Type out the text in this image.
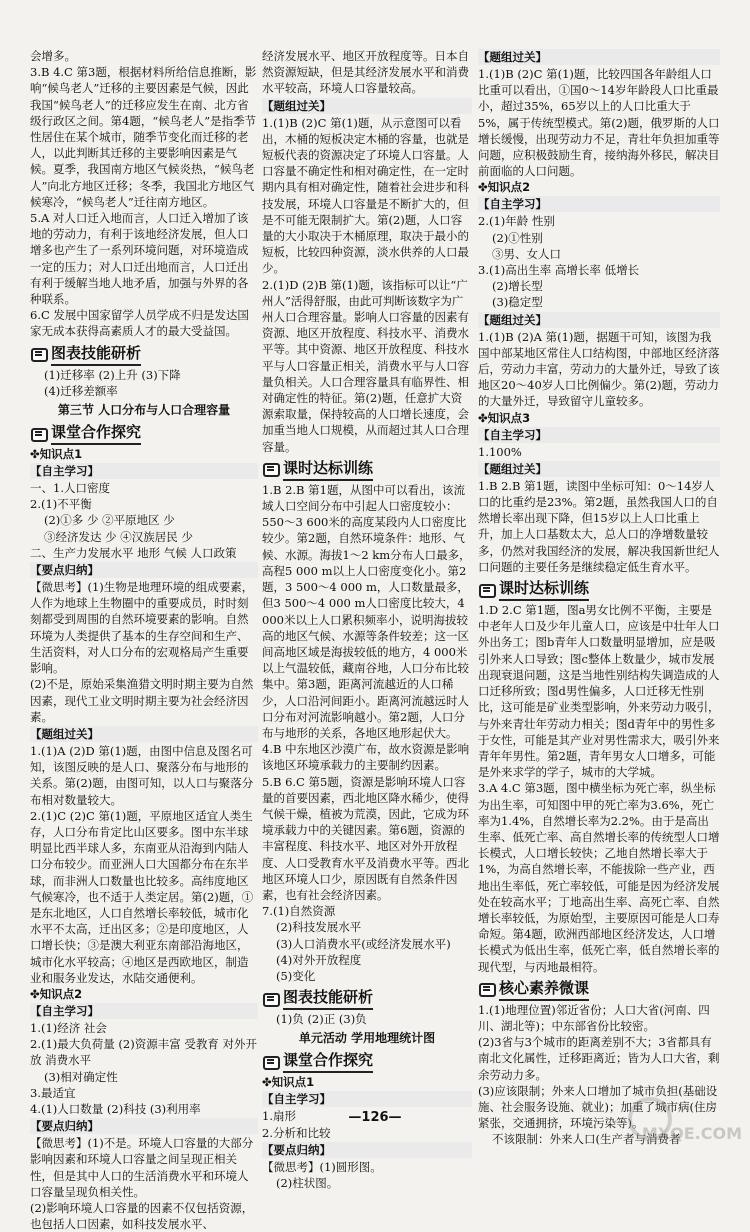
会增多。

3.B 4.C 第3题，根据材料所给信息推断，影响“候鸟老人”迁移的主要因素是气候，因此我国“候鸟老人”的迁移应发生在南、北方省级行政区之间。第4题，“候鸟老人”是指季节性居住在某个城市，随季节变化而迁移的老人，以此判断其迁移的主要影响因素是气候。夏季，我国南方地区气候炎热，“候鸟老人”向北方地区迁移；冬季，我国北方地区气候寒冷，“候鸟老人”迁往南方地区。

5.A 对人口迁入地而言，人口迁入增加了该地的劳动力，有利于该地经济发展，但人口增多也产生了一系列环境问题，对环境造成一定的压力；对人口迁出地而言，人口迁出有利于缓解当地人地矛盾，加强与外界的各种联系。

6.C 发展中国家留学人员学成不归是发达国家无成本获得高素质人才的最大受益国。

图表技能研析

(1)迁移率 (2)上升 (3)下降

(4)迁移差额率

第三节 人口分布与人口合理容量
课堂合作探究

✤知识点1

【自主学习】

一、1.人口密度

2.(1)不平衡

(2)①多 少 ②平原地区 少

③经济发达 少 ④汉族居民 少

二、生产力发展水平 地形 气候 人口政策

【要点归纳】

【微思考】(1)生物是地理环境的组成要素，人作为地球上生物圈中的重要成员，时时刻刻都受到周围的自然环境要素的影响。自然环境为人类提供了基本的生存空间和生产、生活资料，对人口分布的宏观格局产生重要影响。

(2)不是，原始采集渔猎文明时期主要为自然因素，现代工业文明时期主要为社会经济因素。

【题组过关】

1.(1)A (2)D 第(1)题，由图中信息及图名可知，该图反映的是人口、聚落分布与地形的关系。第(2)题，由图可知，以人口与聚落分布相对数量较大。

2.(1)C (2)C 第(1)题，平原地区适宜人类生存，人口分布肯定比山区要多。图中东半球明显比西半球人多，东南亚从沿海到内陆人口分布较少。而亚洲人口大国都分布在东半球，而非洲人口数量也比较多。高纬度地区气候寒冷，也不适于人类定居。第(2)题，①是东北地区，人口自然增长率较低，城市化水平不太高，迁出区多；②是印度地区，人口增长快；③是澳大利亚东南部沿海地区，城市化水平较高；④地区是西欧地区，制造业和服务业发达，水陆交通便利。

✤知识点2

【自主学习】

1.(1)经济 社会

2.(1)最大负荷量 (2)资源丰富 受教育 对外开放 消费水平

(3)相对确定性

3.最适宜

4.(1)人口数量 (2)科技 (3)利用率

【要点归纳】

【微思考】(1)不是。环境人口容量的大部分影响因素和环境人口容量之间呈现正相关性，但是其中人口的生活消费水平和环境人口容量呈现负相关性。

(2)影响环境人口容量的因素不仅包括资源，也包括人口因素，如科技发展水平、

经济发展水平、地区开放程度等。日本自然资源短缺，但是其经济发展水平和消费水平较高，环境人口容量较高。

【题组过关】

1.(1)B (2)C 第(1)题，从示意图可以看出，木桶的短板决定木桶的容量，也就是短板代表的资源决定了环境人口容量。人口容量不确定性和相对确定性，在一定时期内具有相对确定性，随着社会进步和科技发展，环境人口容量是不断扩大的，但是不可能无限制扩大。第(2)题，人口容量的大小取决于木桶原理，取决于最小的短板，比较四种资源，淡水供养的人口最少。

2.(1)D (2)B 第(1)题，该指标可以让“广州人”活得舒服，由此可判断该数字为广州人口合理容量。影响人口容量的因素有资源、地区开放程度、科技水平、消费水平等。其中资源、地区开放程度、科技水平与人口容量正相关，消费水平与人口容量负相关。人口合理容量具有临界性、相对确定性的特征。第(2)题，任意扩大资源索取量，保持较高的人口增长速度，会加重当地人口规模，从而超过其人口合理容量。

课时达标训练

1.B 2.B 第1题，从图中可以看出，该流域人口空间分布中引起人口密度较小：550～3 600米的高度某段内人口密度比较少。第2题，自然环境条件：地形、气候、水源。海拔1～2 km分布人口最多，高程5 000 m以上人口密度变化小。第2题，3 500～4 000 m，人口数量最多，但3 500～4 000 m人口密度比较大，4 000米以上人口累积频率小，说明海拔较高的地区气候、水源等条件较差；这一区间高地区域是海拔较低的地方，4 000米以上气温较低，藏南谷地，人口分布比较集中。第3题，距离河流越近的人口稀少，人口沿河间距小。距离河流越远时人口分布对河流影响越小。第2题，人口分布与地形的关系，各地区地形起伏大。

4.B 中东地区沙漠广布，故水资源是影响该地区环境承载力的主要制约因素。

5.B 6.C 第5题，资源是影响环境人口容量的首要因素，西北地区降水稀少，使得气候干燥，植被为荒漠，因此，它成为环境承载力中的关键因素。第6题，资源的丰富程度、科技水平、地区对外开放程度、人口受教育水平及消费水平等。西北地区环境人口少，原因既有自然条件因素，也有社会经济因素。

7.(1)自然资源

(2)科技发展水平

(3)人口消费水平(或经济发展水平)

(4)对外开放程度

(5)变化

图表技能研析

(1)负 (2)正 (3)负

单元活动 学用地理统计图
课堂合作探究

✤知识点1

【自主学习】

1.扇形

2.分析和比较

【要点归纳】

【微思考】(1)圆形图。

(2)柱状图。

【题组过关】

1.(1)B (2)C 第(1)题，比较四国各年龄组人口比重可以看出，①国0～14岁年龄段人口比重最小，超过35%，65岁以上的人口比重大于5%，属于传统型模式。第(2)题，俄罗斯的人口增长缓慢，出现劳动力不足，青壮年负担加重等问题，应积极鼓励生育，接纳海外移民，解决目前面临的人口问题。

✤知识点2

【自主学习】

2.(1)年龄 性别

(2)①性别

③男、女人口

3.(1)高出生率 高增长率 低增长

(2)增长型

(3)稳定型

【题组过关】

1.(1)B (2)A 第(1)题，据题干可知，该图为我国中部某地区常住人口结构图，中部地区经济落后，劳动力丰富，劳动力的大量外迁，导致了该地区20～40岁人口比例偏少。第(2)题，劳动力的大量外迁，导致留守儿童较多。

✤知识点3

【自主学习】

1.100%

【题组过关】

1.B 2.B 第1题，读图中坐标可知：0～14岁人口的比重约是23%。第2题，虽然我国人口的自然增长率出现下降，但15岁以上人口比重上升，加上人口基数太大，总人口的净增数量较多，仍然对我国经济的发展，解决我国新世纪人口问题的主要任务是继续稳定低生育水平。

课时达标训练

1.D 2.C 第1题，图a男女比例不平衡，主要是中老年人口及少年儿童人口，应该是中壮年人口外出务工；图b青年人口数量明显增加，应是吸引外来人口导致；图c整体上数量少，城市发展出现衰退问题，这是当地性别结构失调造成的人口迁移所致；图d男性偏多，人口迁移无性别比，这可能是矿业类型影响，外来劳动力吸引，与外来青壮年劳动力相关；图d青年中的男性多于女性，可能是其产业对男性需求大，吸引外来青年年男性。第2题，青年男女人口增多，可能是外来求学的学子，城市的大学城。

3.A 4.C 第3题，图中横坐标为死亡率，纵坐标为出生率，可知图中甲的死亡率为3.6%，死亡率为1.4%，自然增长率为2.2%。由于是高出生率、低死亡率、高自然增长率的传统型人口增长模式，人口增长较快；乙地自然增长率大于1%，为高自然增长率，不能拔除一些产业，西地出生率低，死亡率较低，可能是因为经济发展处在较高水平；丁地高出生率、高死亡率、自然增长率较低，为原始型，主要原因可能是人口寿命短。第4题，欧洲西部地区经济发达，人口增长模式为低出生率，低死亡率，低自然增长率的现代型，与丙地最相符。

核心素养微课

1.(1)地理位置)邻近省份；人口大省(河南、四川、湖北等)；中东部省份比较密。

(2)3省与3个城市的距离差别不大；3省都具有南北文化属性，迁移距离近；皆为人口大省，剩余劳动力多。

(3)应该限制；外来人口增加了城市负担(基础设施、社会服务设施、就业)；加重了城市病(住房紧张，交通拥挤，环境污染等)。

不该限制：外来人口(生产者与消费者

—126—
MXQE.COM
